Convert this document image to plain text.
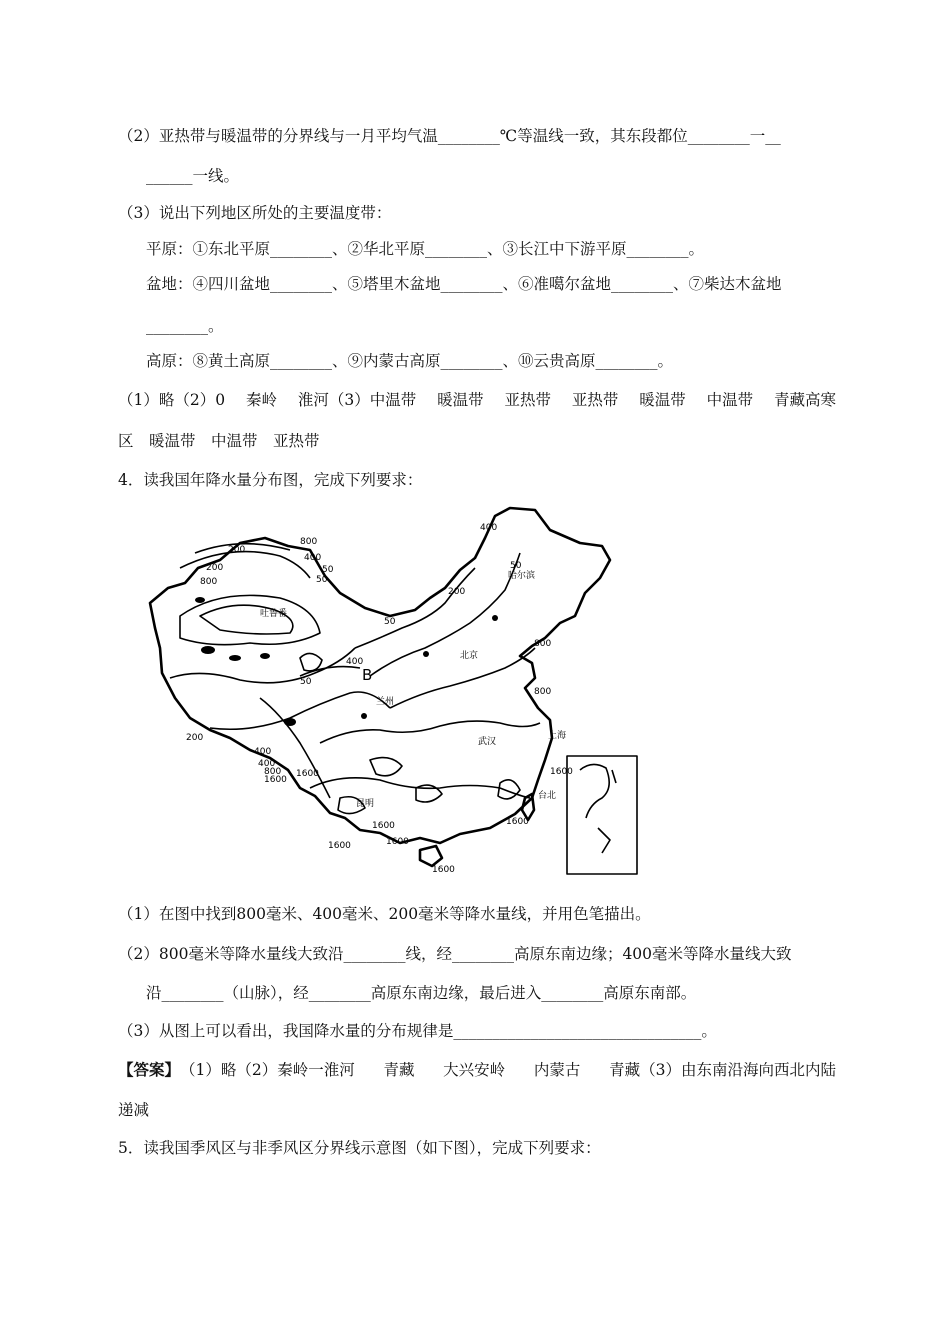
（2）亚热带与暖温带的分界线与一月平均气温________℃等温线一致，其东段都位________一__
______一线。
（3）说出下列地区所处的主要温度带：
平原：①东北平原________、②华北平原________、③长江中下游平原________。
盆地：④四川盆地________、⑤塔里木盆地________、⑥准噶尔盆地________、⑦柴达木盆地
________。
高原：⑧黄土高原________、⑨内蒙古高原________、⑩云贵高原________。
（1）略（2）0 秦岭 淮河（3）中温带 暖温带 亚热带 亚热带 暖温带 中温带 青藏高寒
区　暖温带　中温带　亚热带
4．读我国年降水量分布图，完成下列要求：
哈尔滨
北京
兰州
上海
武汉
昆明
台北
吐鲁番
B
400
800
200
400
50
200
50
800
400
200
800
50
800
400
50	50
200
400
1600
1600
800
1600
1600	1600
1600
1600
1600
（1）在图中找到800毫米、400毫米、200毫米等降水量线，并用色笔描出。
（2）800毫米等降水量线大致沿________线，经________高原东南边缘；400毫米等降水量线大致
沿________（山脉），经________高原东南边缘，最后进入________高原东南部。
（3）从图上可以看出，我国降水量的分布规律是________________________________。
【答案】（1）略（2）秦岭一淮河 青藏 大兴安岭 内蒙古 青藏（3）由东南沿海向西北内陆
递减
5．读我国季风区与非季风区分界线示意图（如下图），完成下列要求：
